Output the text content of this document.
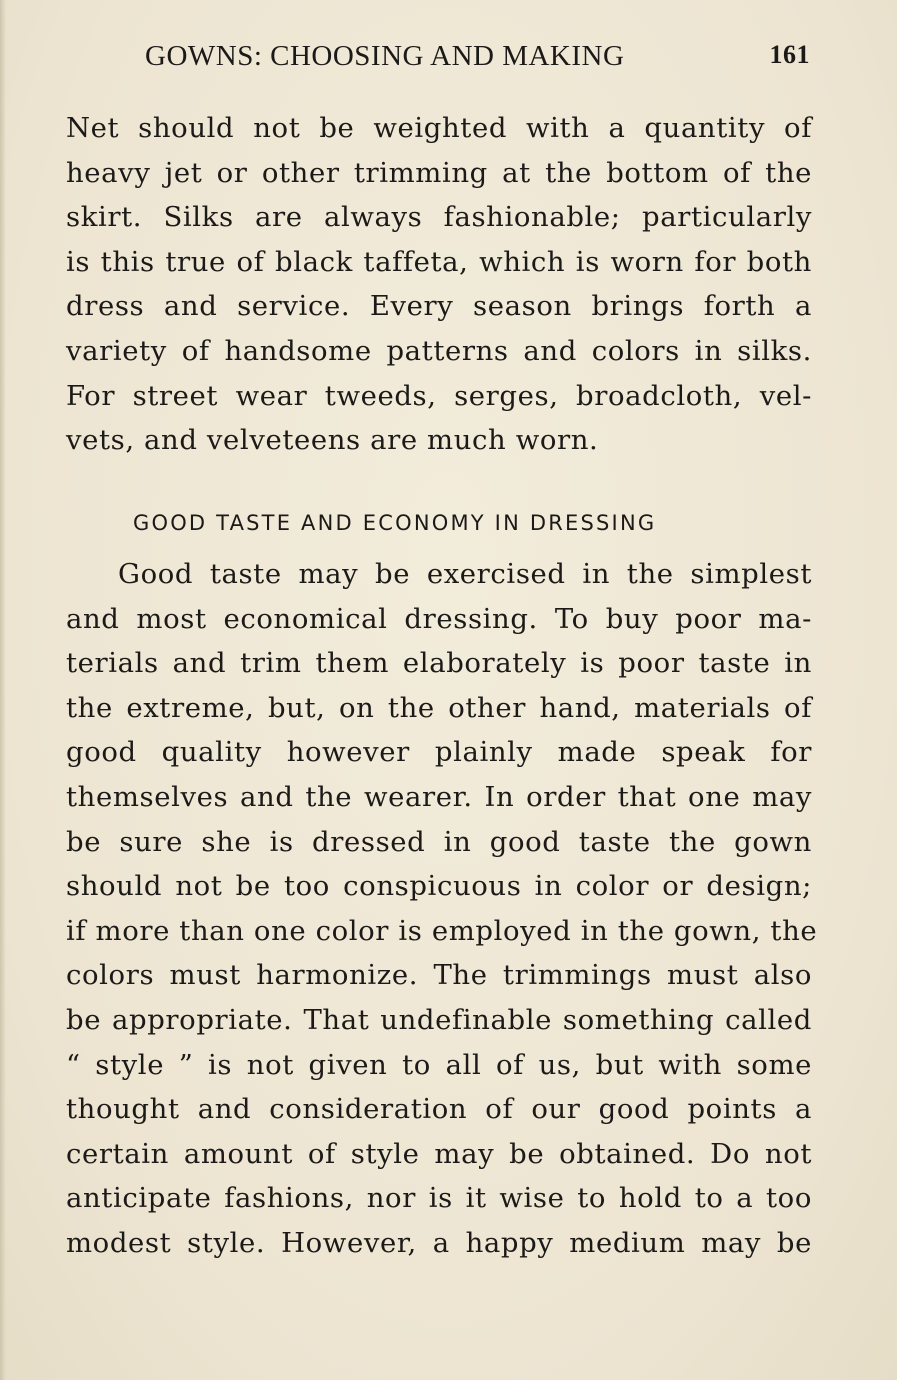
GOWNS: CHOOSING AND MAKING	161
Net should not be weighted with a quantity of
heavy jet or other trimming at the bottom of the
skirt. Silks are always fashionable; particularly
is this true of black taffeta, which is worn for both
dress and service. Every season brings forth a
variety of handsome patterns and colors in silks.
For street wear tweeds, serges, broadcloth, vel-
vets, and velveteens are much worn.
GOOD TASTE AND ECONOMY IN DRESSING
Good taste may be exercised in the simplest
and most economical dressing. To buy poor ma-
terials and trim them elaborately is poor taste in
the extreme, but, on the other hand, materials of
good quality however plainly made speak for
themselves and the wearer. In order that one may
be sure she is dressed in good taste the gown
should not be too conspicuous in color or design;
if more than one color is employed in the gown, the
colors must harmonize. The trimmings must also
be appropriate. That undefinable something called
“ style ” is not given to all of us, but with some
thought and consideration of our good points a
certain amount of style may be obtained. Do not
anticipate fashions, nor is it wise to hold to a too
modest style. However, a happy medium may be
